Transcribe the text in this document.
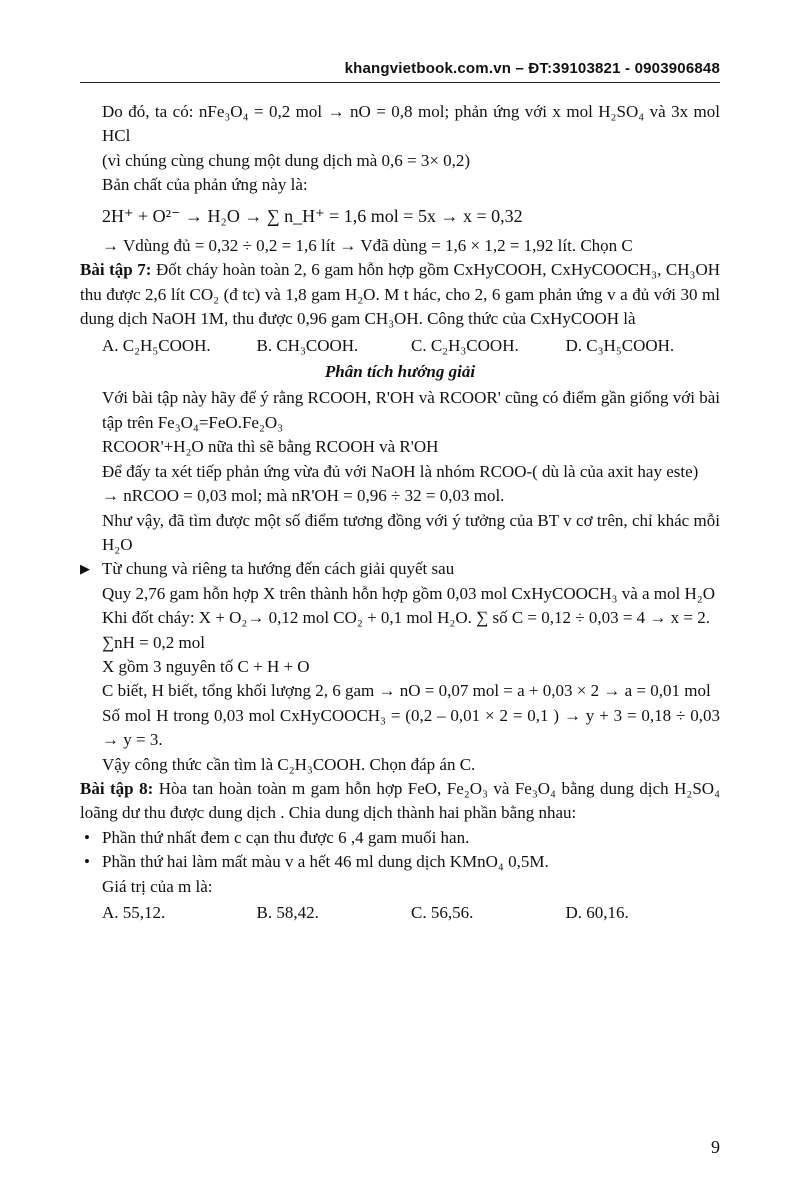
khangvietbook.com.vn – ĐT:39103821 - 0903906848

Do đó, ta có: nFe₃O₄ = 0,2 mol → nO = 0,8 mol; phản ứng với x mol H₂SO₄ và 3x mol HCl

(vì chúng cùng chung một dung dịch mà 0,6 = 3× 0,2)

Bản chất của phản ứng này là:

2H⁺ + O²⁻ → H₂O → ∑ n_H⁺ = 1,6 mol = 5x → x = 0,32

→ Vdùng đủ = 0,32 ÷ 0,2 = 1,6 lít → Vđã dùng = 1,6 × 1,2 = 1,92 lít. Chọn C

Bài tập 7: Đốt cháy hoàn toàn 2, 6 gam hỗn hợp gồm CxHyCOOH, CxHyCOOCH₃, CH₃OH thu được 2,6 lít CO₂ (đ tc) và 1,8 gam H₂O. M t hác, cho 2, 6 gam phản ứng v a đủ với 30 ml dung dịch NaOH 1M, thu được 0,96 gam CH₃OH. Công thức của CxHyCOOH là

A. C₂H₅COOH.	B. CH₃COOH.	C. C₂H₃COOH.	D. C₃H₅COOH.

Phân tích hướng giải

Với bài tập này hãy để ý rằng RCOOH, R'OH và RCOOR' cũng có điểm gần giống với bài tập trên Fe₃O₄=FeO.Fe₂O₃

RCOOR'+H₂O nữa thì sẽ bằng RCOOH và R'OH

Để đấy ta xét tiếp phản ứng vừa đủ với NaOH là nhóm RCOO-( dù là của axit hay este)

→ nRCOO = 0,03 mol; mà nR'OH = 0,96 ÷ 32 = 0,03 mol.

Như vậy, đã tìm được một số điểm tương đồng với ý tưởng của BT v cơ trên, chỉ khác mỗi H₂O

▶ Từ chung và riêng ta hướng đến cách giải quyết sau

Quy 2,76 gam hỗn hợp X trên thành hỗn hợp gồm 0,03 mol CxHyCOOCH₃ và a mol H₂O

Khi đốt cháy: X + O₂→ 0,12 mol CO₂ + 0,1 mol H₂O. ∑ số C = 0,12 ÷ 0,03 = 4 → x = 2.

∑nH = 0,2 mol

X gồm 3 nguyên tố C + H + O

C biết, H biết, tổng khối lượng 2, 6 gam → nO = 0,07 mol = a + 0,03 × 2 → a = 0,01 mol

Số mol H trong 0,03 mol CxHyCOOCH₃ = (0,2 – 0,01 × 2 = 0,1 ) → y + 3 = 0,18 ÷ 0,03 → y = 3.

Vậy công thức cần tìm là C₂H₃COOH. Chọn đáp án C.

Bài tập 8: Hòa tan hoàn toàn m gam hỗn hợp FeO, Fe₂O₃ và Fe₃O₄ bằng dung dịch H₂SO₄ loãng dư thu được dung dịch . Chia dung dịch thành hai phần bằng nhau:

• Phần thứ nhất đem c cạn thu được 6 ,4 gam muối han.

• Phần thứ hai làm mất màu v a hết 46 ml dung dịch KMnO₄ 0,5M.

Giá trị của m là:

A. 55,12.	B. 58,42.	C. 56,56.	D. 60,16.
9
